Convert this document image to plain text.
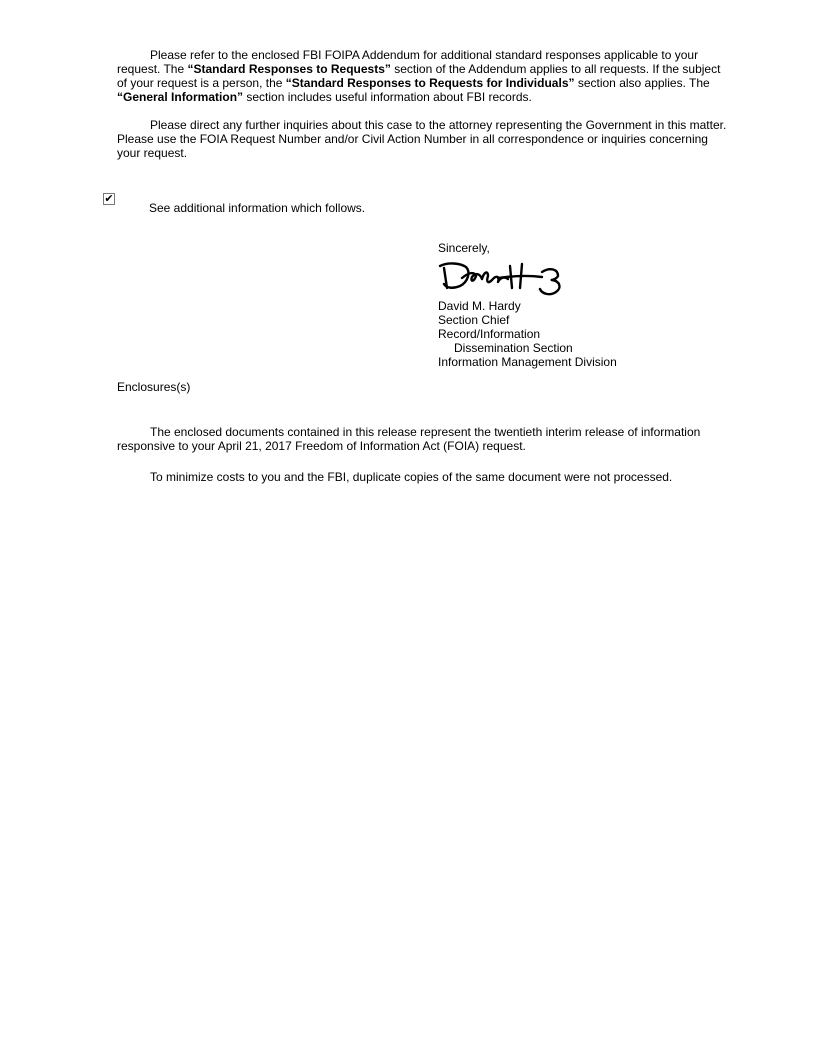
Please refer to the enclosed FBI FOIPA Addendum for additional standard responses applicable to your request. The “Standard Responses to Requests” section of the Addendum applies to all requests. If the subject of your request is a person, the “Standard Responses to Requests for Individuals” section also applies. The “General Information” section includes useful information about FBI records.

Please direct any further inquiries about this case to the attorney representing the Government in this matter. Please use the FOIA Request Number and/or Civil Action Number in all correspondence or inquiries concerning your request.

✔
See additional information which follows.
Sincerely,
David M. Hardy
Section Chief
Record/Information
Dissemination Section
Information Management Division
Enclosures(s)

The enclosed documents contained in this release represent the twentieth interim release of information responsive to your April 21, 2017 Freedom of Information Act (FOIA) request.

To minimize costs to you and the FBI, duplicate copies of the same document were not processed.
